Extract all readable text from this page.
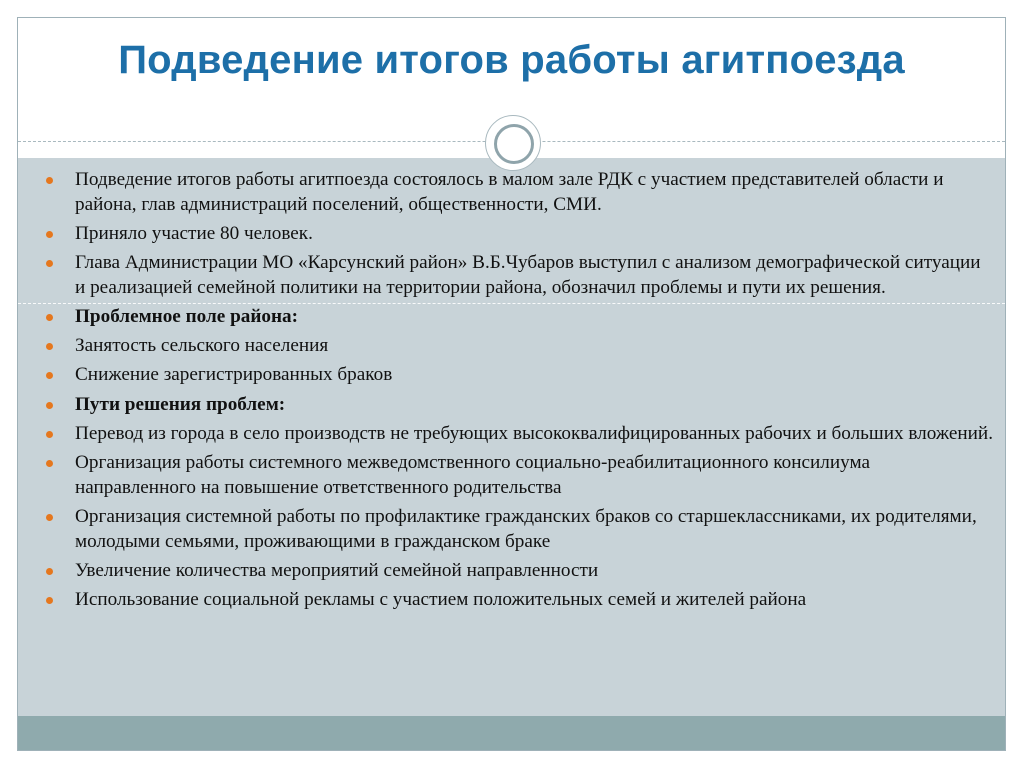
Подведение итогов работы агитпоезда
Подведение итогов работы агитпоезда состоялось в малом зале РДК с участием представителей области и района, глав администраций поселений, общественности, СМИ.
Приняло участие 80 человек.
Глава Администрации МО «Карсунский район» В.Б.Чубаров выступил с анализом демографической ситуации и реализацией семейной политики на территории района, обозначил проблемы и пути их решения.
Проблемное поле района:
Занятость сельского населения
Снижение зарегистрированных браков
Пути решения проблем:
Перевод из города в село производств не требующих высококвалифицированных рабочих и больших вложений.
Организация работы системного межведомственного социально-реабилитационного консилиума направленного на повышение ответственного родительства
Организация системной работы по профилактике гражданских браков со старшеклассниками, их родителями, молодыми семьями, проживающими в гражданском браке
Увеличение количества мероприятий семейной направленности
Использование социальной рекламы с участием положительных семей и жителей района
